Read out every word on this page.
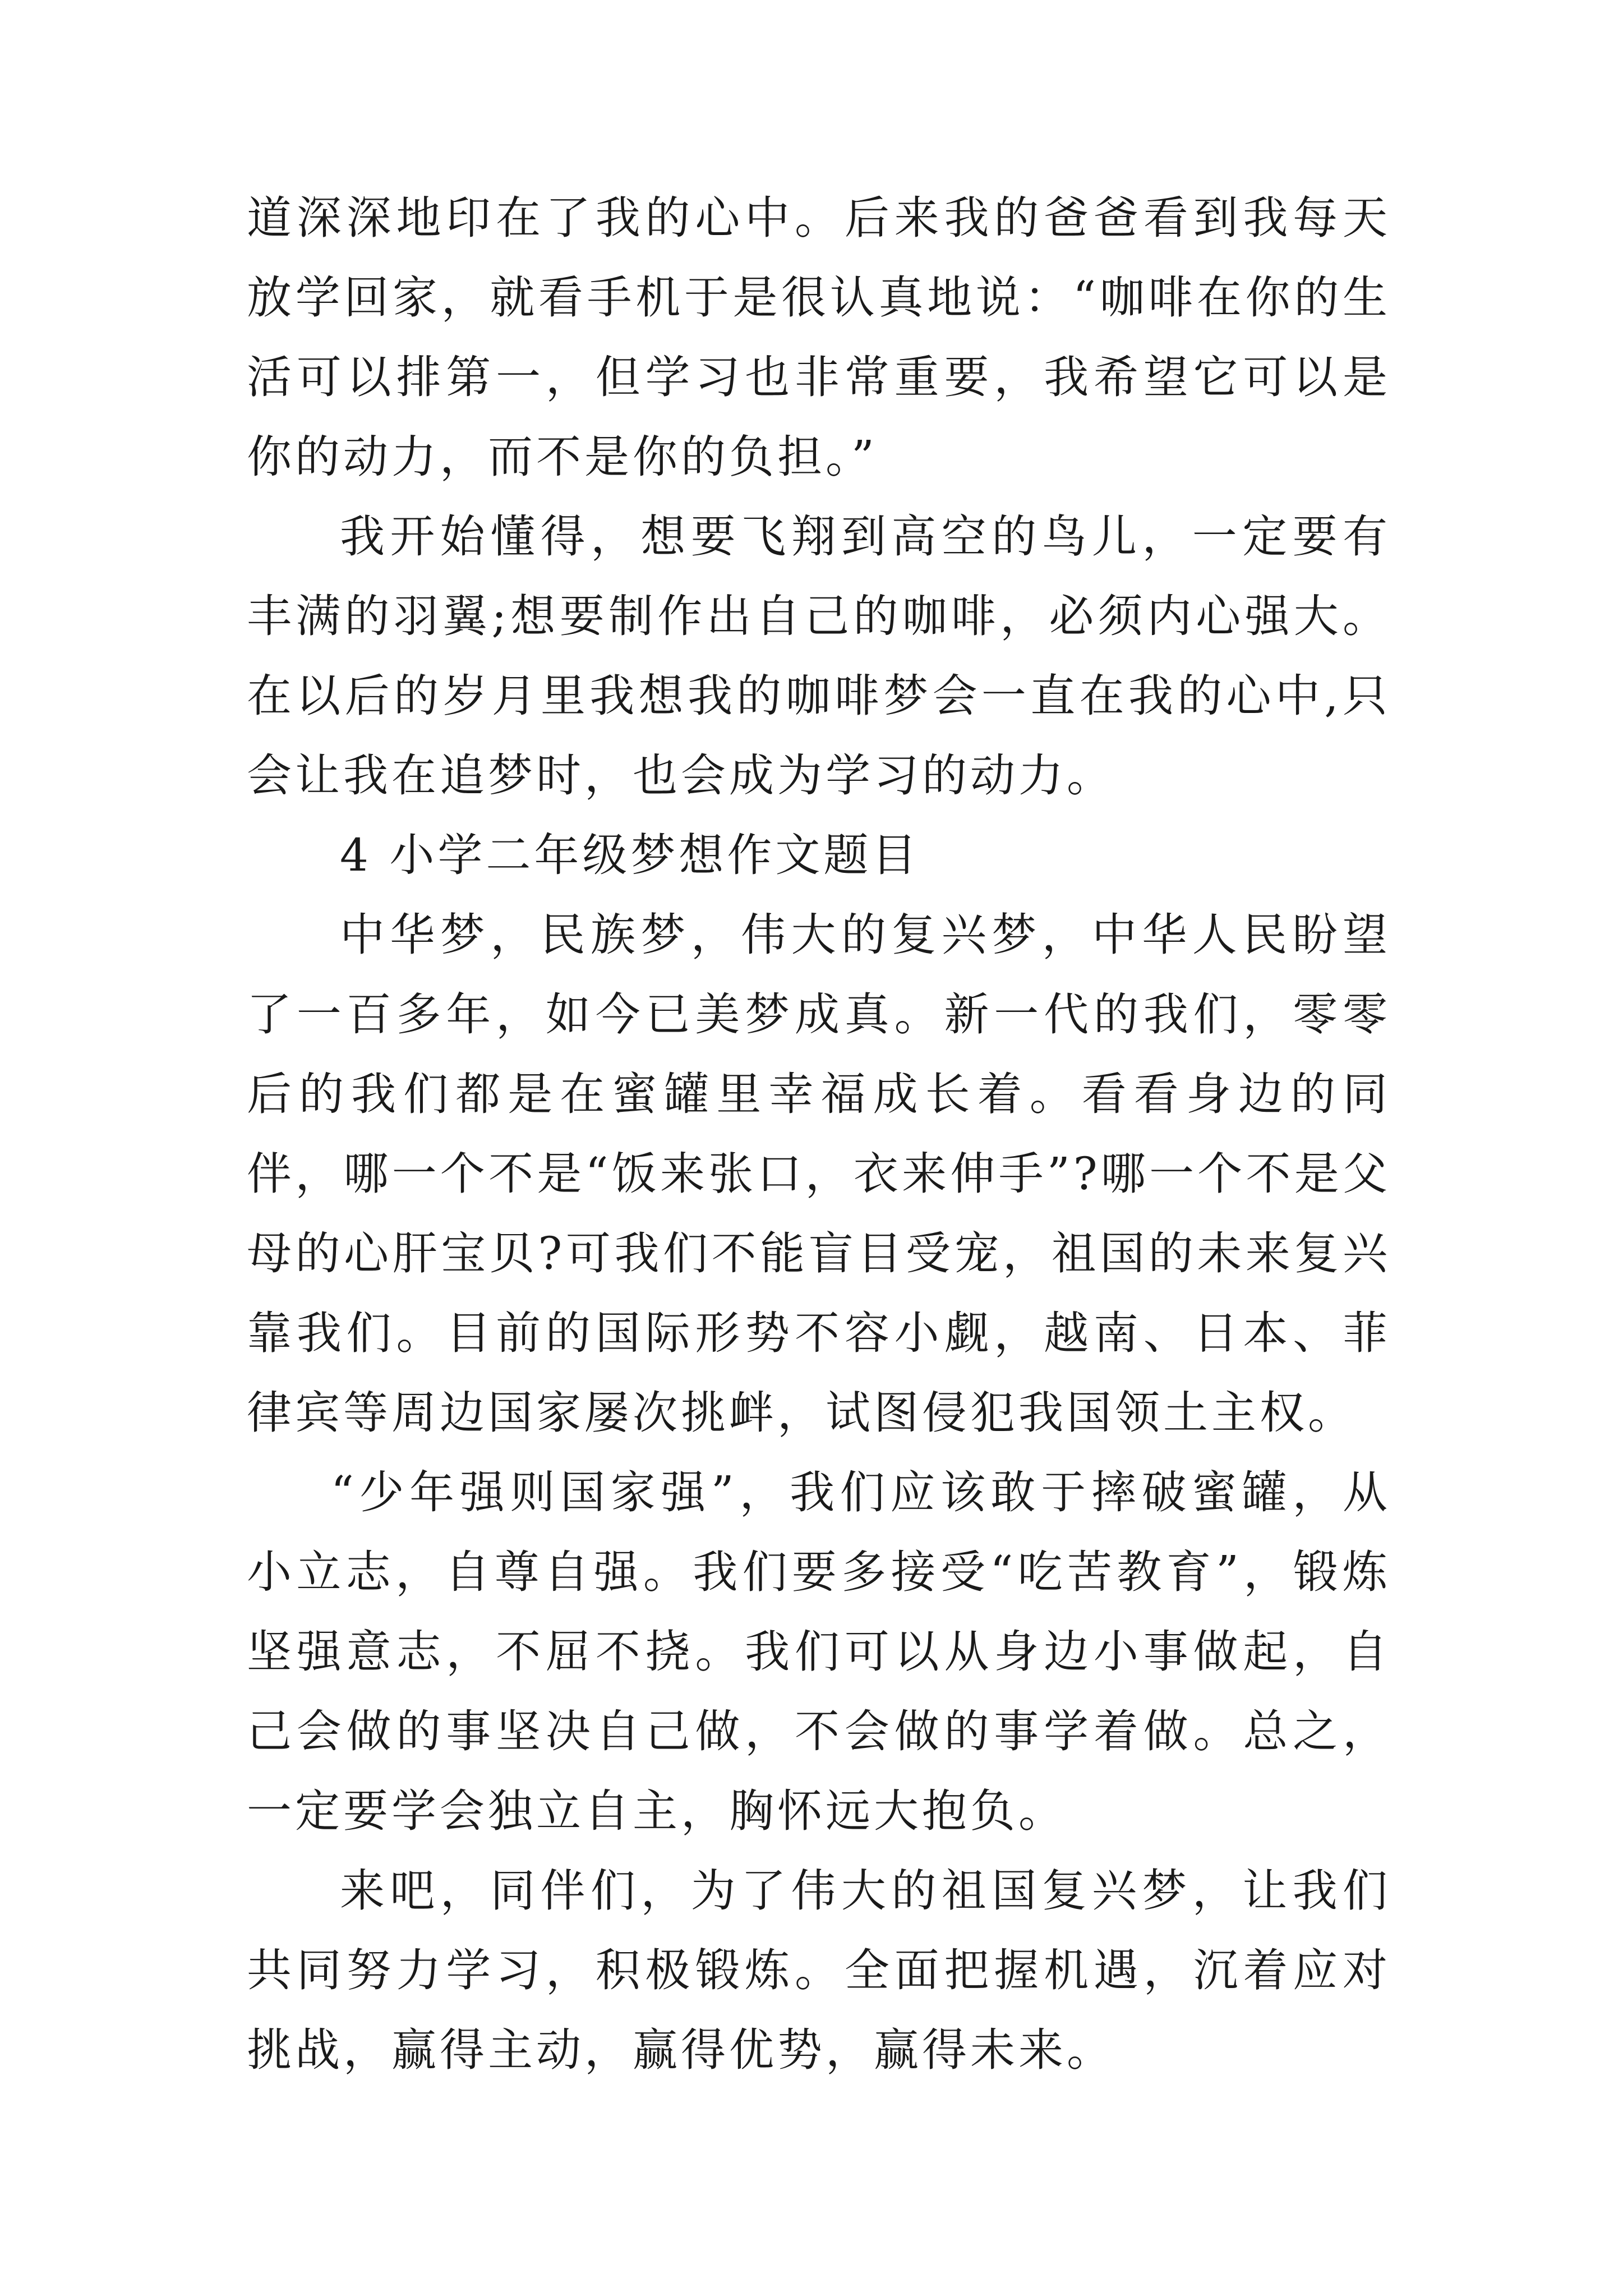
道深深地印在了我的心中。后来我的爸爸看到我每天放学回家，就看手机于是很认真地说：“咖啡在你的生活可以排第一，但学习也非常重要，我希望它可以是你的动力，而不是你的负担。”

我开始懂得，想要飞翔到高空的鸟儿，一定要有丰满的羽翼;想要制作出自己的咖啡，必须内心强大。在以后的岁月里我想我的咖啡梦会一直在我的心中,只会让我在追梦时，也会成为学习的动力。

4 小学二年级梦想作文题目

中华梦，民族梦，伟大的复兴梦，中华人民盼望了一百多年，如今已美梦成真。新一代的我们，零零后的我们都是在蜜罐里幸福成长着。看看身边的同伴，哪一个不是“饭来张口，衣来伸手”?哪一个不是父母的心肝宝贝?可我们不能盲目受宠，祖国的未来复兴靠我们。目前的国际形势不容小觑，越南、日本、菲律宾等周边国家屡次挑衅，试图侵犯我国领土主权。

“少年强则国家强”，我们应该敢于摔破蜜罐，从小立志，自尊自强。我们要多接受“吃苦教育”，锻炼坚强意志，不屈不挠。我们可以从身边小事做起，自己会做的事坚决自己做，不会做的事学着做。总之，一定要学会独立自主，胸怀远大抱负。

来吧，同伴们，为了伟大的祖国复兴梦，让我们共同努力学习，积极锻炼。全面把握机遇，沉着应对挑战，赢得主动，赢得优势，赢得未来。
